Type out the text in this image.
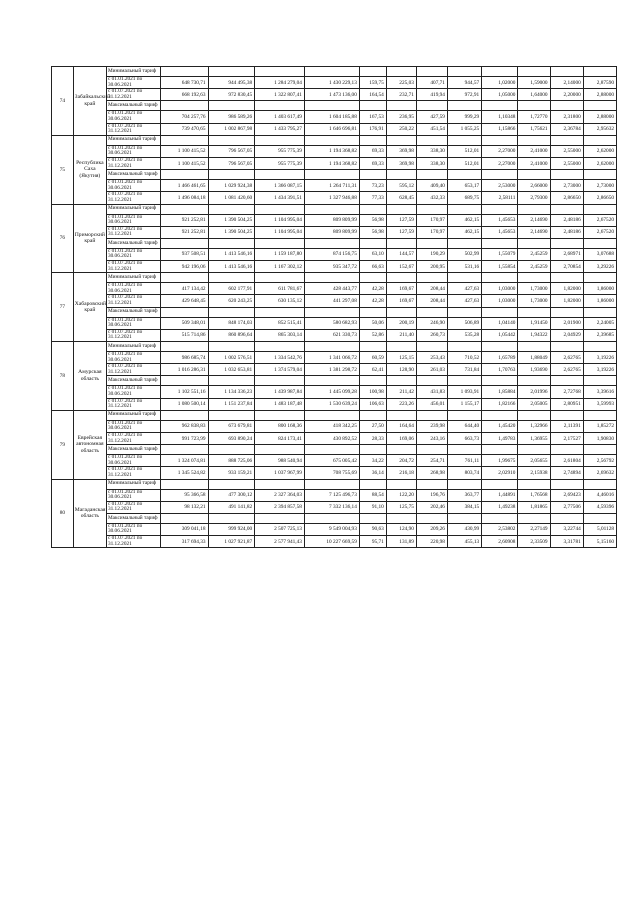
74	Забайкальский край	Минимальный тариф												
		с 01.01.2021 по 30.06.2021	648 730,71	944 495,38	1 284 279,04	1 430 229,13	159,75	225,03	407,71	944,57	1,02000	1,59000	2,14000	2,87590
		с 01.07.2021 по 31.12.2021	668 192,63	972 830,45	1 322 807,41	1 473 136,00	164,54	232,71	419,94	972,91	1,05000	1,64000	2,20000	2,88000
		Максимальный тариф												
		с 01.01.2021 по 30.06.2021	704 257,76	986 589,26	1 403 617,49	1 604 185,88	167,53	236,95	427,59	999,29	1,10348	1,72770	2,31800	2,88000
		с 01.07.2021 по 31.12.2021	739 470,65	1 002 867,98	1 433 795,27	1 646 696,81	176,91	250,22	451,54	1 055,25	1,15866	1,75621	2,36784	2,95632
75	Республика Саха (Якутия)	Минимальный тариф												
		с 01.01.2021 по 30.06.2021	1 100 415,52	796 567,05	955 775,39	1 194 368,82	69,33	369,98	338,30	512,01	2,27000	2,41000	2,55000	2,62000
		с 01.07.2021 по 31.12.2021	1 100 415,52	796 567,05	955 775,39	1 194 368,82	69,33	369,98	338,30	512,01	2,27000	2,41000	2,55000	2,62000
		Максимальный тариф												
		с 01.01.2021 по 30.06.2021	1 466 461,65	1 029 924,38	1 366 087,15	1 264 711,31	73,23	595,12	409,40	653,17	2,53000	2,66000	2,73000	2,73000
		с 01.07.2021 по 31.12.2021	1 496 084,18	1 081 420,60	1 434 391,51	1 327 946,88	77,33	628,45	432,33	689,75	2,58111	2,79300	2,86650	2,86650
76	Приморский край	Минимальный тариф												
		с 01.01.2021 по 30.06.2021	921 252,81	1 390 504,25	1 104 995,04	809 809,99	56,98	127,59	170,97	462,15	1,45653	2,14690	2,48186	2,67520
		с 01.07.2021 по 31.12.2021	921 252,81	1 390 504,25	1 104 995,04	809 809,99	56,98	127,59	170,97	462,15	1,45653	2,14690	2,48186	2,67520
		Максимальный тариф												
		с 01.01.2021 по 30.06.2021	937 508,51	1 413 546,16	1 159 187,80	874 156,75	63,10	144,57	190,29	502,99	1,55079	2,45259	2,68971	3,07688
		с 01.07.2021 по 31.12.2021	942 196,06	1 413 546,16	1 167 302,12	935 347,72	66,63	152,67	200,95	531,16	1,55854	2,45259	2,70854	3,29226
77	Хабаровский край	Минимальный тариф												
		с 01.01.2021 по 30.06.2021	417 134,42	602 177,91	611 781,67	428 443,77	42,28	169,67	208,44	427,63	1,03000	1,73000	1,82000	1,86000
		с 01.07.2021 по 31.12.2021	429 648,45	620 243,25	630 135,12	441 297,08	42,28	169,67	208,44	427,63	1,03000	1,73000	1,82000	1,86000
		Максимальный тариф												
		с 01.01.2021 по 30.06.2021	509 348,01	848 174,03	852 515,41	580 682,93	50,06	200,19	246,90	506,89	1,04140	1,91450	2,01900	2,24005
		с 01.07.2021 по 31.12.2021	515 714,86	860 896,64	865 303,14	621 330,73	52,86	211,40	260,73	535,28	1,05442	1,94322	2,04929	2,39685
78	Амурская область	Минимальный тариф												
		с 01.01.2021 по 30.06.2021	986 685,74	1 002 576,51	1 334 542,76	1 341 066,72	60,59	125,15	253,43	710,52	1,65789	1,88049	2,62765	3,19226
		с 01.07.2021 по 31.12.2021	1 016 286,31	1 032 653,81	1 374 579,04	1 381 298,72	62,41	128,90	261,03	731,84	1,70763	1,93690	2,62765	3,19226
		Максимальный тариф												
		с 01.01.2021 по 30.06.2021	1 102 551,16	1 134 336,23	1 439 987,84	1 445 099,28	100,98	211,42	431,83	1 093,91	1,85884	2,01996	2,72768	3,39616
		с 01.07.2021 по 31.12.2021	1 080 500,14	1 151 237,84	1 483 187,48	1 530 639,24	106,63	223,26	456,01	1 155,17	1,82166	2,05005	2,80951	3,59993
79	Еврейская автономная область	Минимальный тариф												
		с 01.01.2021 по 30.06.2021	962 838,83	673 679,81	800 168,36	418 342,25	27,50	164,64	239,98	644,40	1,45420	1,32966	2,11391	1,85272
		с 01.07.2021 по 31.12.2021	991 723,99	693 890,24	824 173,41	430 892,52	28,33	169,06	243,16	663,73	1,49783	1,36955	2,17527	1,90830
		Максимальный тариф												
		с 01.01.2021 по 30.06.2021	1 324 074,81	888 725,06	988 540,94	675 005,42	34,22	204,72	254,71	761,11	1,99675	2,05655	2,61804	2,56792
		с 01.07.2021 по 31.12.2021	1 345 524,82	933 159,21	1 037 967,99	708 755,69	36,14	216,18	268,98	803,74	2,02910	2,15938	2,74894	2,69632
80	Магаданская область	Минимальный тариф												
		с 01.01.2021 по 30.06.2021	95 366,58	477 300,12	2 327 364,03	7 125 496,73	88,54	122,20	196,76	363,77	1,44891	1,76568	2,69423	4,46016
		с 01.07.2021 по 31.12.2021	98 132,21	491 141,82	2 394 857,58	7 332 136,14	91,10	125,75	202,46	384,15	1,49238	1,81865	2,77506	4,59396
		Максимальный тариф												
		с 01.01.2021 по 30.06.2021	309 041,18	999 924,00	2 507 725,13	9 549 004,93	90,63	124,90	209,26	430,99	2,53802	2,27149	3,22744	5,01128
		с 01.07.2021 по 31.12.2021	317 694,33	1 027 921,87	2 577 941,43	10 227 669,59	95,71	131,89	220,98	455,13	2,60908	2,33509	3,31781	5,15160
